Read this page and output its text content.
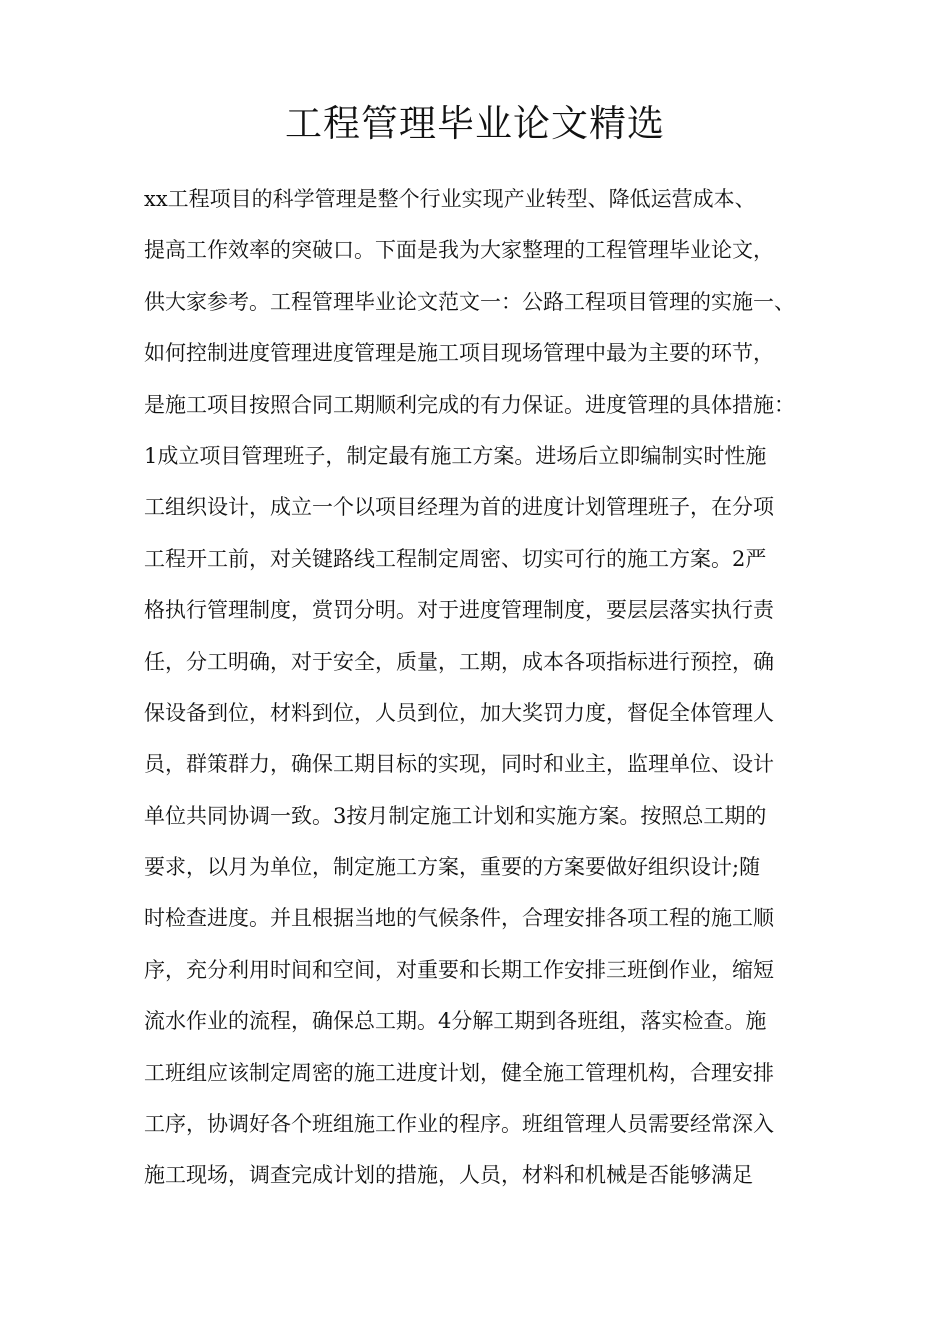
工程管理毕业论文精选
xx工程项目的科学管理是整个行业实现产业转型、降低运营成本、
提高工作效率的突破口。下面是我为大家整理的工程管理毕业论文，
供大家参考。工程管理毕业论文范文一：公路工程项目管理的实施一、
如何控制进度管理进度管理是施工项目现场管理中最为主要的环节，
是施工项目按照合同工期顺利完成的有力保证。进度管理的具体措施：
1成立项目管理班子，制定最有施工方案。进场后立即编制实时性施
工组织设计，成立一个以项目经理为首的进度计划管理班子，在分项
工程开工前，对关键路线工程制定周密、切实可行的施工方案。2严
格执行管理制度，赏罚分明。对于进度管理制度，要层层落实执行责
任，分工明确，对于安全，质量，工期，成本各项指标进行预控，确
保设备到位，材料到位，人员到位，加大奖罚力度，督促全体管理人
员，群策群力，确保工期目标的实现，同时和业主，监理单位、设计
单位共同协调一致。3按月制定施工计划和实施方案。按照总工期的
要求，以月为单位，制定施工方案，重要的方案要做好组织设计;随
时检查进度。并且根据当地的气候条件，合理安排各项工程的施工顺
序，充分利用时间和空间，对重要和长期工作安排三班倒作业，缩短
流水作业的流程，确保总工期。4分解工期到各班组，落实检查。施
工班组应该制定周密的施工进度计划，健全施工管理机构，合理安排
工序，协调好各个班组施工作业的程序。班组管理人员需要经常深入
施工现场，调查完成计划的措施，人员，材料和机械是否能够满足
